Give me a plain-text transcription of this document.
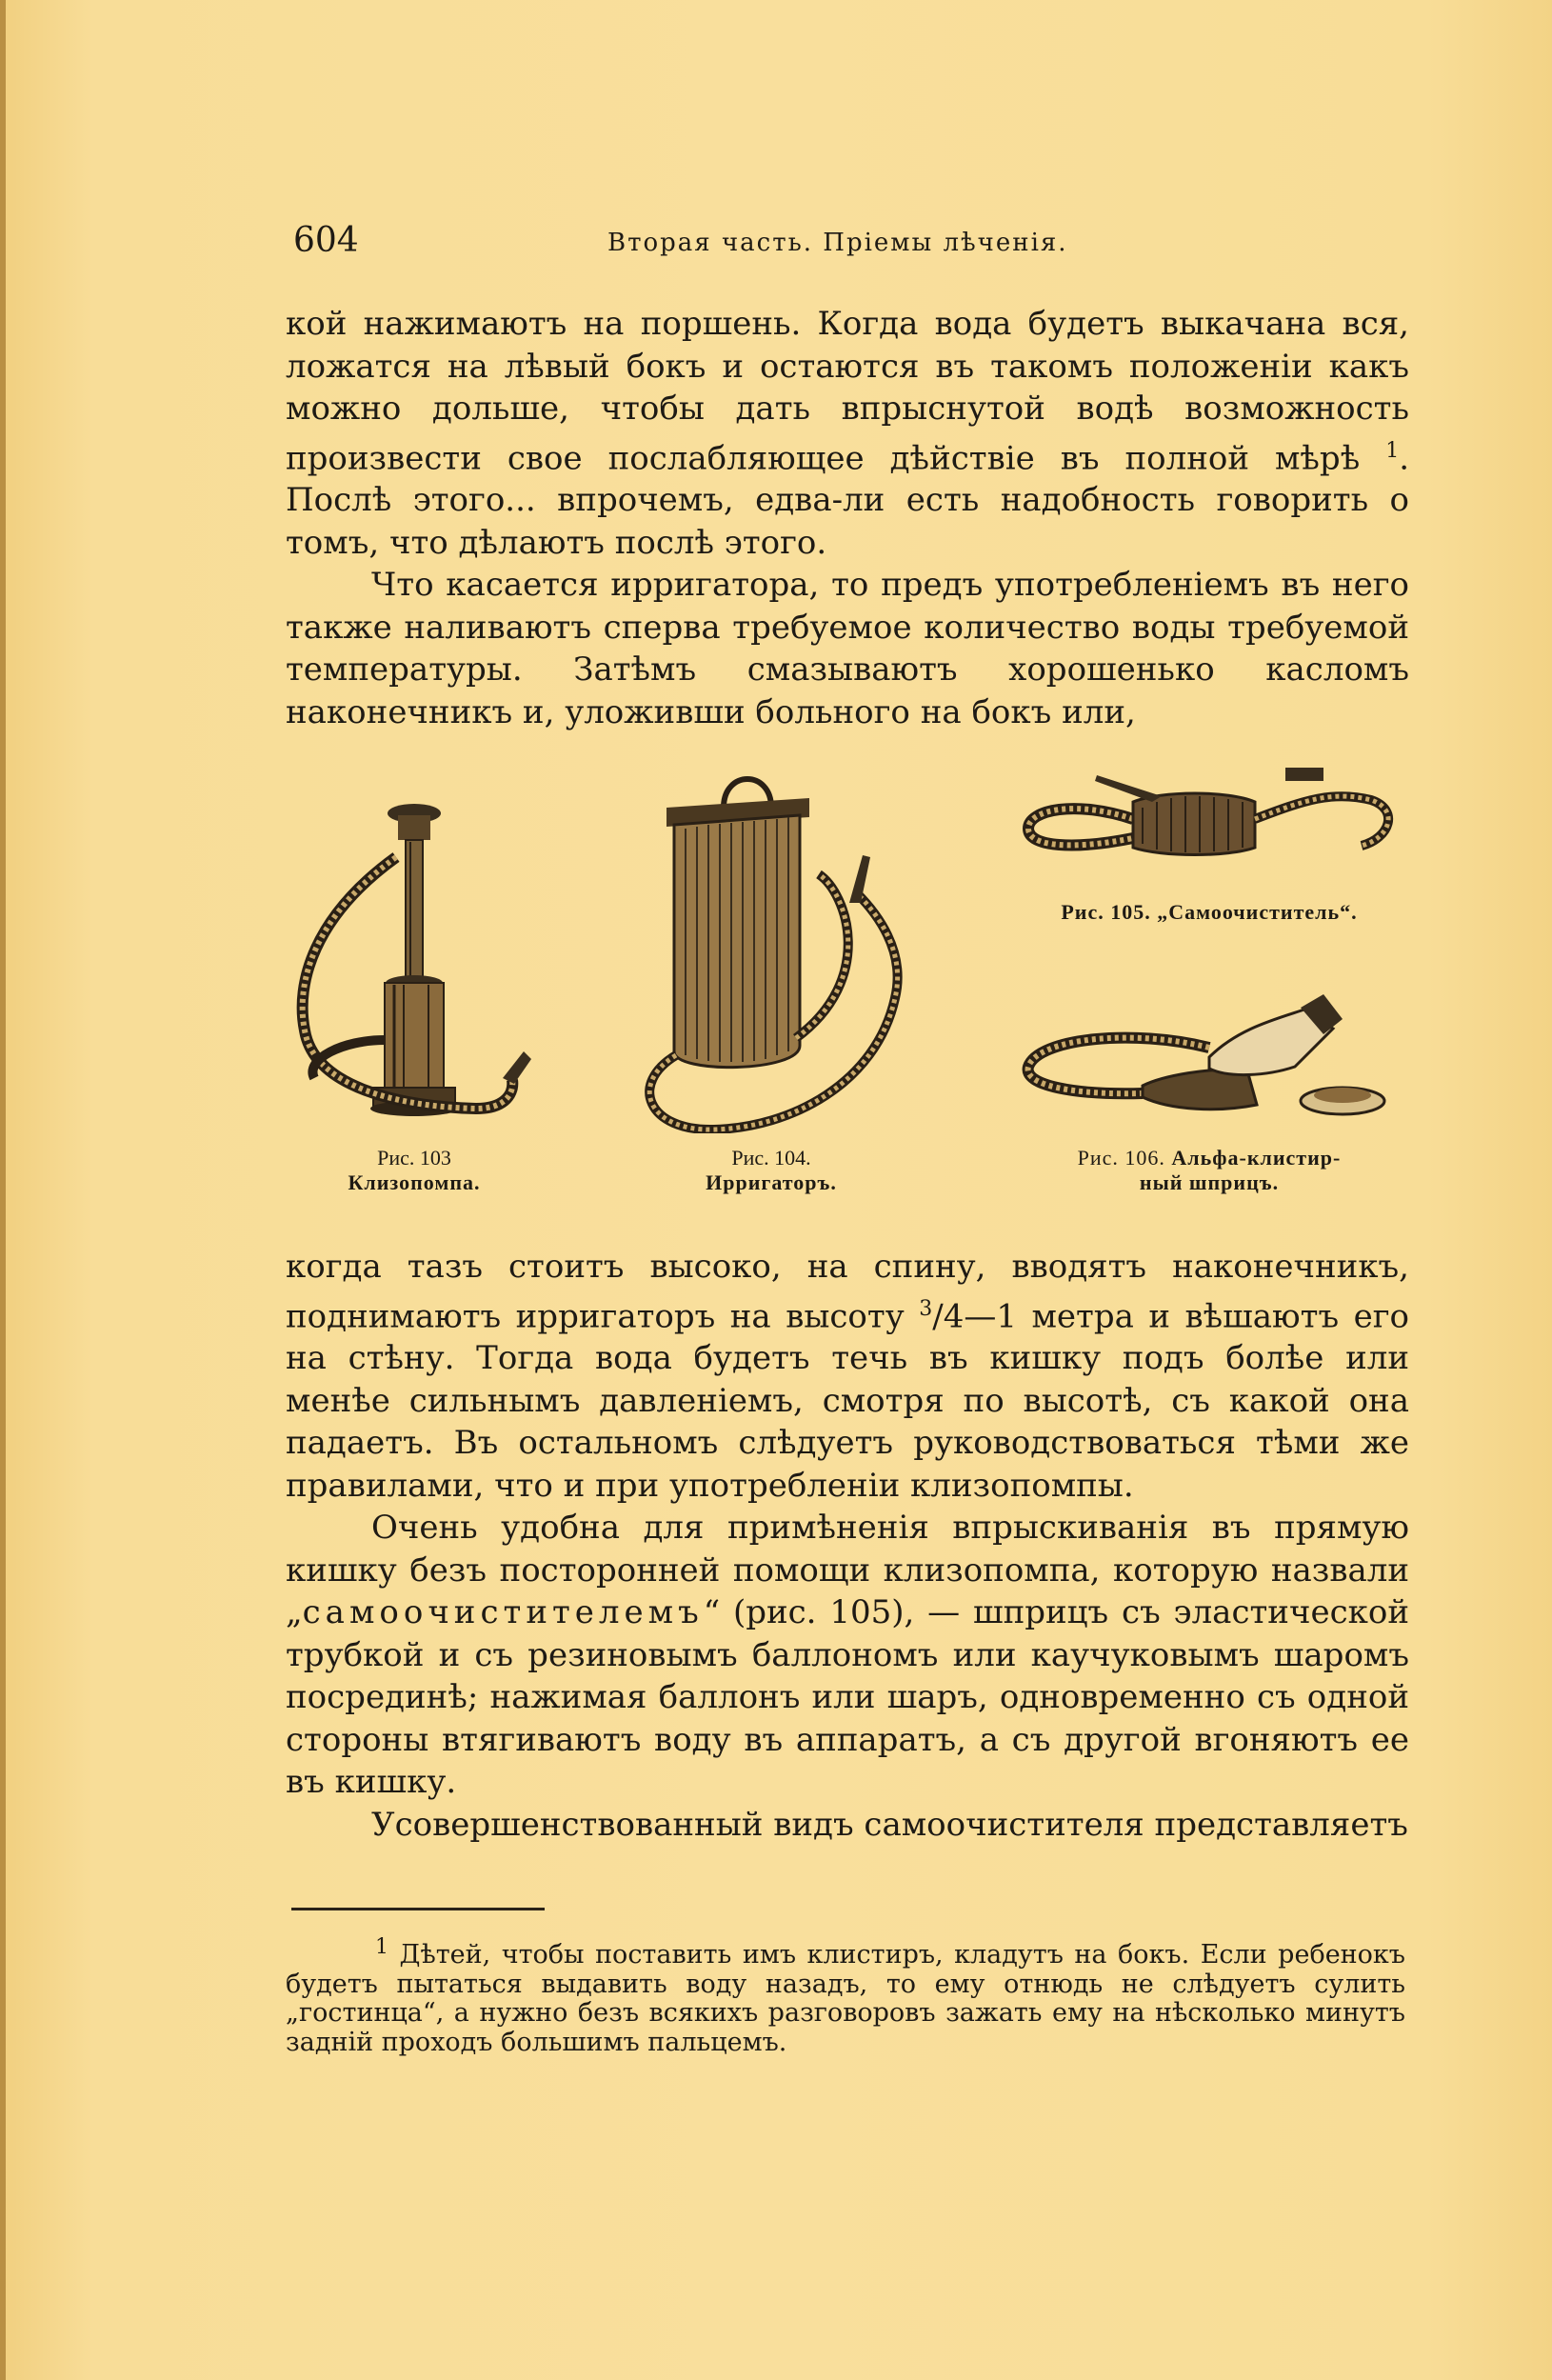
604	Вторая часть. Пріемы лѣченія.

кой нажимаютъ на поршень. Когда вода будетъ выкачана вся, ложатся на лѣвый бокъ и остаются въ такомъ положеніи какъ можно дольше, чтобы дать впрыснутой водѣ возможность произвести свое послабляющее дѣйствіе въ полной мѣрѣ $^1$. Послѣ этого... впрочемъ, едва-ли есть надобность говорить о томъ, что дѣлаютъ послѣ этого.

Что касается ирригатора, то предъ употребленіемъ въ него также наливаютъ сперва требуемое количество воды требуемой температуры. Затѣмъ смазываютъ хорошенько касломъ наконечникъ и, уложивши больного на бокъ или,

Рис. 103
Клизопомпа.
Рис. 104.
Ирригаторъ.
Рис. 105. „Самоочиститель“.
Рис. 106. Альфа-клистир-
ный шприцъ.

когда тазъ стоитъ высоко, на спину, вводятъ наконечникъ, поднимаютъ ирригаторъ на высоту $^3$/4—1 метра и вѣшаютъ его на стѣну. Тогда вода будетъ течь въ кишку подъ болѣе или менѣе сильнымъ давленіемъ, смотря по высотѣ, съ какой она падаетъ. Въ остальномъ слѣдуетъ руководствоваться тѣми же правилами, что и при употребленіи клизопомпы.

Очень удобна для примѣненія впрыскиванія въ прямую кишку безъ посторонней помощи клизопомпа, которую назвали „самоочистителемъ“ (рис. 105), — шприцъ съ эластической трубкой и съ резиновымъ баллономъ или каучуковымъ шаромъ посрединѣ; нажимая баллонъ или шаръ, одновременно съ одной стороны втягиваютъ воду въ аппаратъ, а съ другой вгоняютъ ее въ кишку.

Усовершенствованный видъ самоочистителя представляетъ

$^1$ Дѣтей, чтобы поставить имъ клистиръ, кладутъ на бокъ. Если ребенокъ будетъ пытаться выдавить воду назадъ, то ему отнюдь не слѣдуетъ сулить „гостинца“, а нужно безъ всякихъ разговоровъ зажать ему на нѣсколько минутъ задній проходъ большимъ пальцемъ.
